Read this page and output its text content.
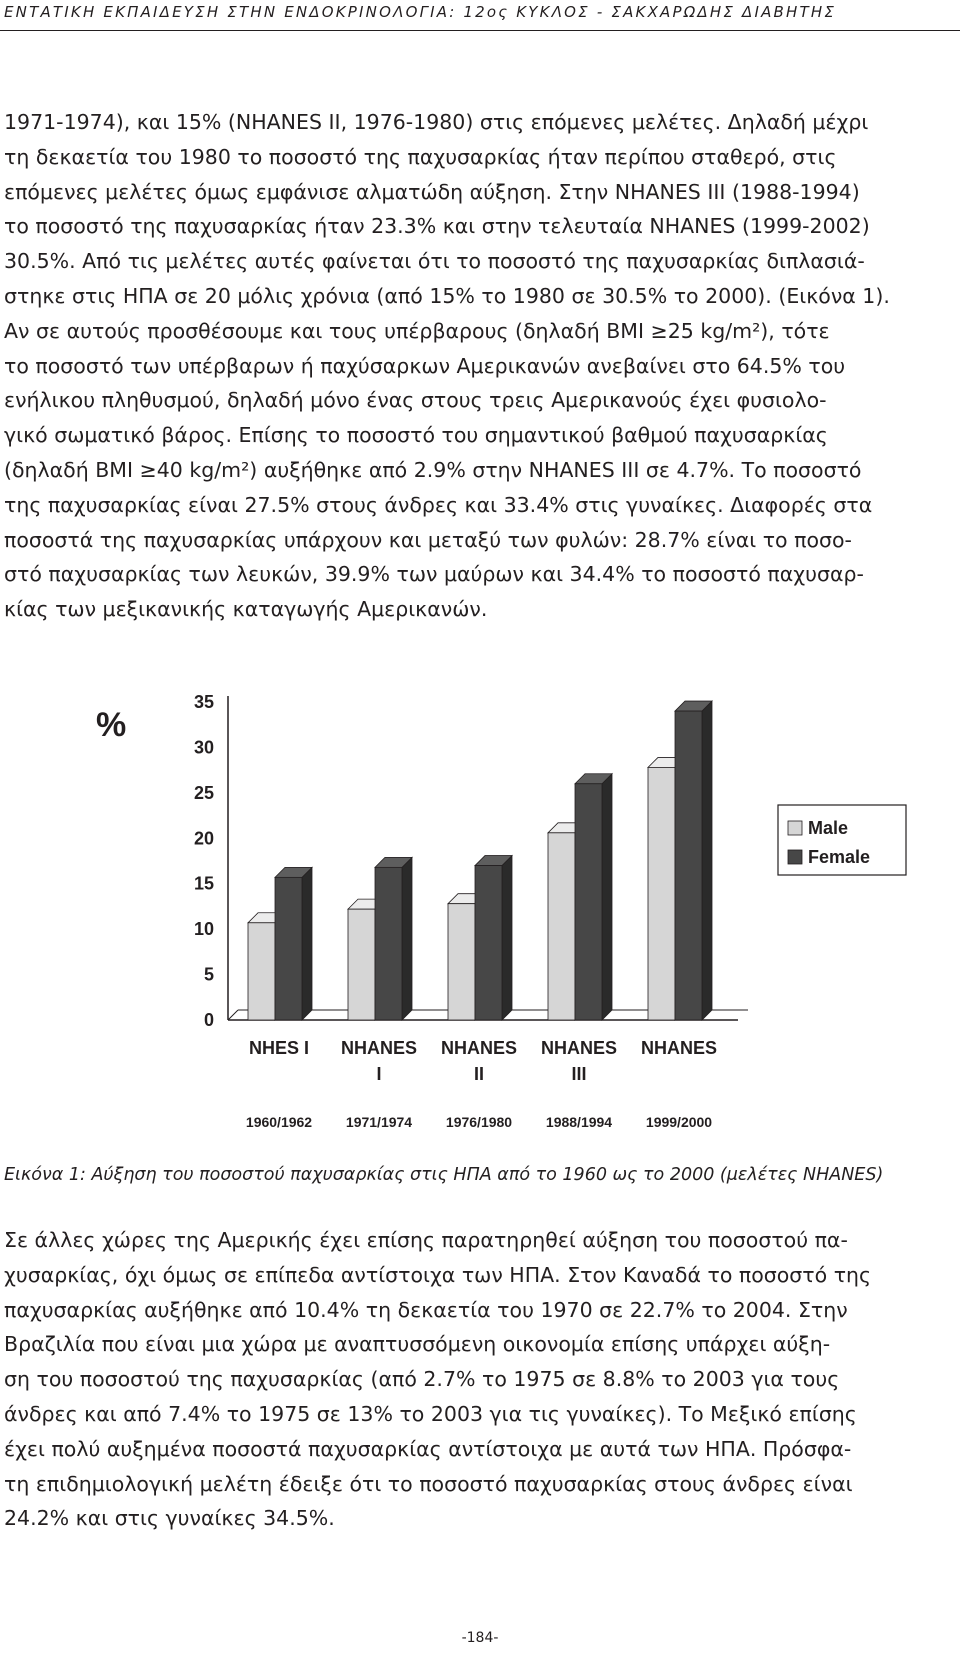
ΕΝΤΑΤΙΚΗ ΕΚΠΑΙΔΕΥΣΗ ΣΤΗΝ ΕΝΔΟΚΡΙΝΟΛΟΓΙΑ: 12ος ΚΥΚΛΟΣ - ΣΑΚΧΑΡΩΔΗΣ ΔΙΑΒΗΤΗΣ
1971-1974), και 15% (NHANES II, 1976-1980) στις επόμενες μελέτες. Δηλαδή μέχρι
τη δεκαετία του 1980 το ποσοστό της παχυσαρκίας ήταν περίπου σταθερό, στις
επόμενες μελέτες όμως εμφάνισε αλματώδη αύξηση. Στην NHANES III (1988-1994)
το ποσοστό της παχυσαρκίας ήταν 23.3% και στην τελευταία NHANES (1999-2002)
30.5%. Από τις μελέτες αυτές φαίνεται ότι το ποσοστό της παχυσαρκίας διπλασιά-
στηκε στις ΗΠΑ σε 20 μόλις χρόνια (από 15% το 1980 σε 30.5% το 2000). (Εικόνα 1).
Αν σε αυτούς προσθέσουμε και τους υπέρβαρους (δηλαδή BMI ≥25 kg/m²), τότε
το ποσοστό των υπέρβαρων ή παχύσαρκων Αμερικανών ανεβαίνει στο 64.5% του
ενήλικου πληθυσμού, δηλαδή μόνο ένας στους τρεις Αμερικανούς έχει φυσιολο-
γικό σωματικό βάρος. Επίσης το ποσοστό του σημαντικού βαθμού παχυσαρκίας
(δηλαδή BMI ≥40 kg/m²) αυξήθηκε από 2.9% στην NHANES III σε 4.7%. Το ποσοστό
της παχυσαρκίας είναι 27.5% στους άνδρες και 33.4% στις γυναίκες. Διαφορές στα
ποσοστά της παχυσαρκίας υπάρχουν και μεταξύ των φυλών: 28.7% είναι το ποσο-
στό παχυσαρκίας των λευκών, 39.9% των μαύρων και 34.4% το ποσοστό παχυσαρ-
κίας των μεξικανικής καταγωγής Αμερικανών.
%
0
5
10
15
20
25
30
35
NHES I
1960/1962
NHANES
I
1971/1974
NHANES
II
1976/1980
NHANES
III
1988/1994
NHANES
1999/2000
Male
Female
Εικόνα 1: Αύξηση του ποσοστού παχυσαρκίας στις ΗΠΑ από το 1960 ως το 2000 (μελέτες NHANES)
Σε άλλες χώρες της Αμερικής έχει επίσης παρατηρηθεί αύξηση του ποσοστού πα-
χυσαρκίας, όχι όμως σε επίπεδα αντίστοιχα των ΗΠΑ. Στον Καναδά το ποσοστό της
παχυσαρκίας αυξήθηκε από 10.4% τη δεκαετία του 1970 σε 22.7% το 2004. Στην
Βραζιλία που είναι μια χώρα με αναπτυσσόμενη οικονομία επίσης υπάρχει αύξη-
ση του ποσοστού της παχυσαρκίας (από 2.7% το 1975 σε 8.8% το 2003 για τους
άνδρες και από 7.4% το 1975 σε 13% το 2003 για τις γυναίκες). Το Μεξικό επίσης
έχει πολύ αυξημένα ποσοστά παχυσαρκίας αντίστοιχα με αυτά των ΗΠΑ. Πρόσφα-
τη επιδημιολογική μελέτη έδειξε ότι το ποσοστό παχυσαρκίας στους άνδρες είναι
24.2% και στις γυναίκες 34.5%.
-184-
